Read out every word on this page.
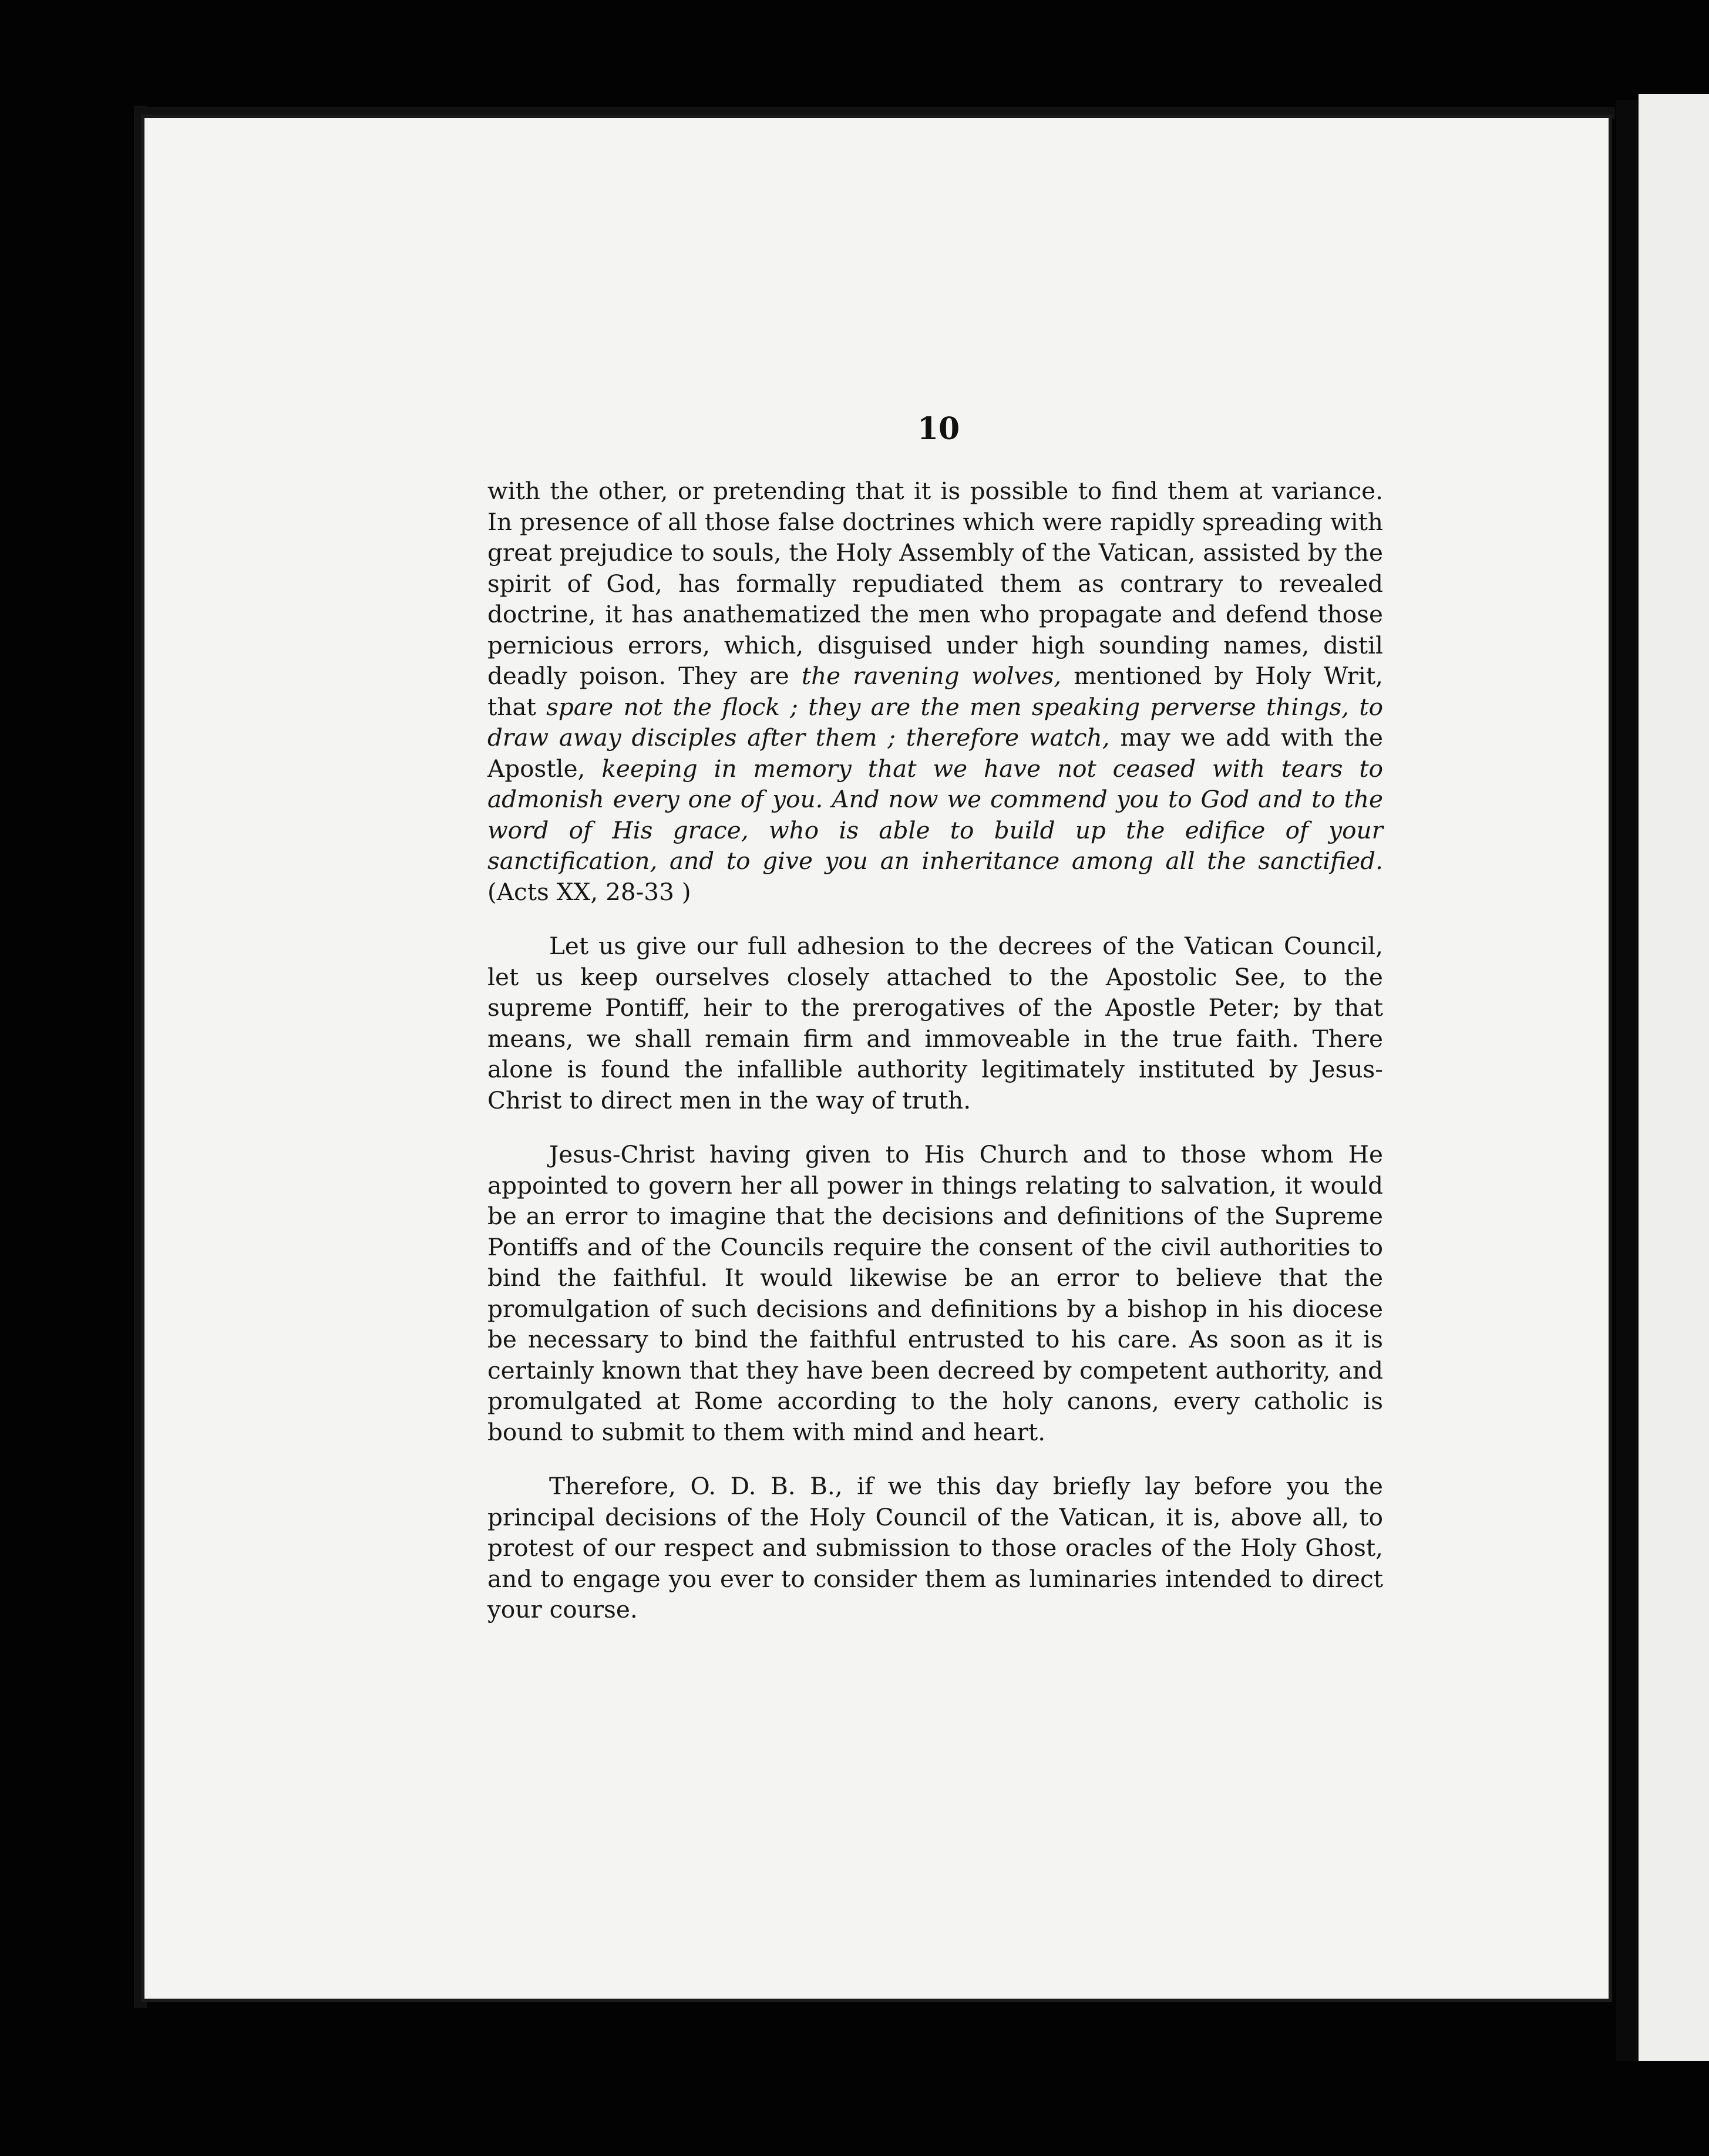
10

with the other, or pretending that it is possible to find them at variance. In presence of all those false doctrines which were rapidly spreading with great prejudice to souls, the Holy Assembly of the Vatican, assisted by the spirit of God, has formally repudiated them as contrary to revealed doctrine, it has anathematized the men who propagate and defend those pernicious errors, which, disguised under high sounding names, distil deadly poison. They are the ravening wolves, mentioned by Holy Writ, that spare not the flock ; they are the men speaking perverse things, to draw away disciples after them ; therefore watch, may we add with the Apostle, keeping in memory that we have not ceased with tears to admonish every one of you. And now we commend you to God and to the word of His grace, who is able to build up the edifice of your sanctification, and to give you an inheritance among all the sanctified. (Acts XX, 28-33 )

Let us give our full adhesion to the decrees of the Vatican Council, let us keep ourselves closely attached to the Apostolic See, to the supreme Pontiff, heir to the prerogatives of the Apostle Peter; by that means, we shall remain firm and immoveable in the true faith. There alone is found the infallible authority legitimately instituted by Jesus-Christ to direct men in the way of truth.

Jesus-Christ having given to His Church and to those whom He appointed to govern her all power in things relating to salvation, it would be an error to imagine that the decisions and definitions of the Supreme Pontiffs and of the Councils require the consent of the civil authorities to bind the faithful. It would likewise be an error to believe that the promulgation of such decisions and definitions by a bishop in his diocese be necessary to bind the faithful entrusted to his care. As soon as it is certainly known that they have been decreed by competent authority, and promulgated at Rome according to the holy canons, every catholic is bound to submit to them with mind and heart.

Therefore, O. D. B. B., if we this day briefly lay before you the principal decisions of the Holy Council of the Vatican, it is, above all, to protest of our respect and submission to those oracles of the Holy Ghost, and to engage you ever to consider them as luminaries intended to direct your course.
